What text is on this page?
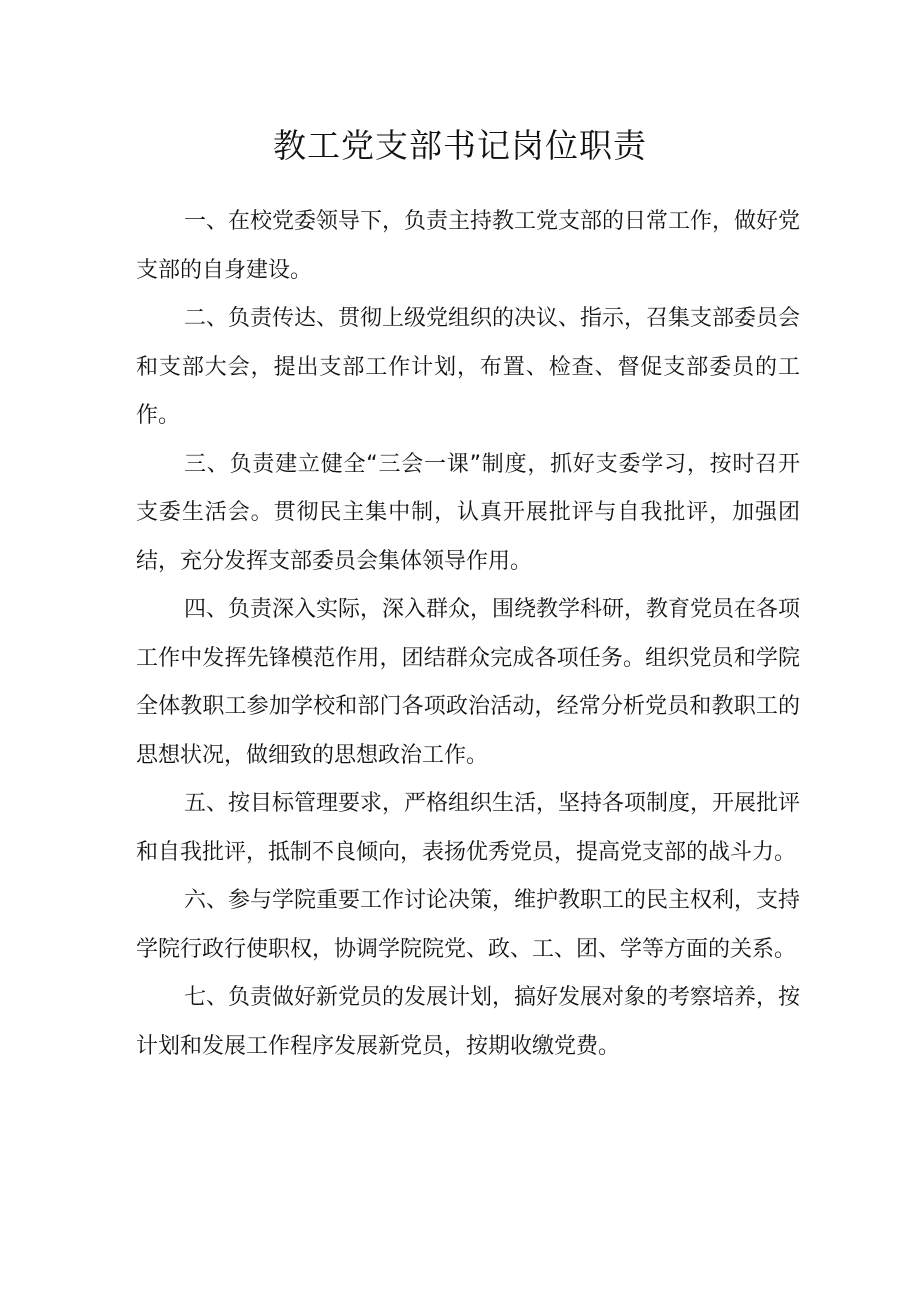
教工党支部书记岗位职责

一、在校党委领导下，负责主持教工党支部的日常工作，做好党支部的自身建设。

二、负责传达、贯彻上级党组织的决议、指示，召集支部委员会和支部大会，提出支部工作计划，布置、检查、督促支部委员的工作。

三、负责建立健全“三会一课”制度，抓好支委学习，按时召开支委生活会。贯彻民主集中制，认真开展批评与自我批评，加强团结，充分发挥支部委员会集体领导作用。

四、负责深入实际，深入群众，围绕教学科研，教育党员在各项工作中发挥先锋模范作用，团结群众完成各项任务。组织党员和学院全体教职工参加学校和部门各项政治活动，经常分析党员和教职工的思想状况，做细致的思想政治工作。

五、按目标管理要求，严格组织生活，坚持各项制度，开展批评和自我批评，抵制不良倾向，表扬优秀党员，提高党支部的战斗力。

六、参与学院重要工作讨论决策，维护教职工的民主权利，支持学院行政行使职权，协调学院院党、政、工、团、学等方面的关系。

七、负责做好新党员的发展计划，搞好发展对象的考察培养，按计划和发展工作程序发展新党员，按期收缴党费。
